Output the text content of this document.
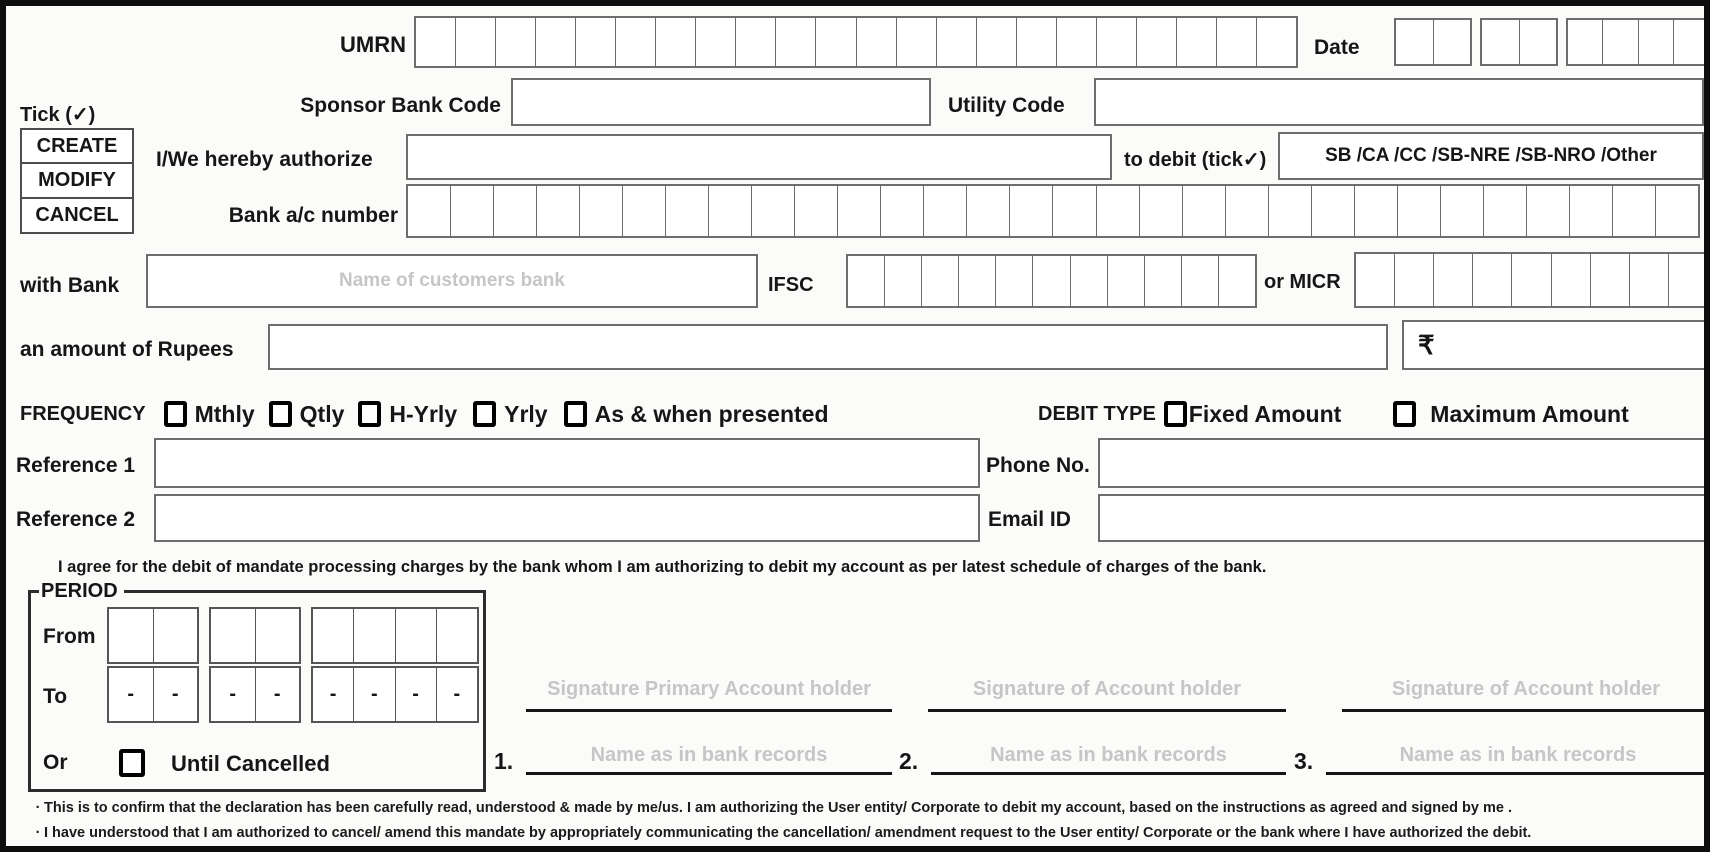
UMRN	Date
Sponsor Bank Code	Utility Code
Tick (✓)
CREATE
MODIFY
CANCEL
I/We hereby authorize	to debit (tick✓)	SB /CA /CC /SB-NRE /SB-NRO /Other
Bank a/c number
with Bank	Name of customers bank	IFSC	or MICR
an amount of Rupees	₹
FREQUENCY Mthly Qtly H-Yrly Yrly As & when presented	DEBIT TYPE Fixed Amount	Maximum Amount
Reference 1	Phone No.
Reference 2	Email ID
I agree for the debit of mandate processing charges by the bank whom I am authorizing to debit my account as per latest schedule of charges of the bank.
PERIOD
From
To	-	-	-	-	-	-	-	-
Or	Until Cancelled
Signature Primary Account holder	Signature of Account holder	Signature of Account holder
1.	Name as in bank records	2.	Name as in bank records	3.	Name as in bank records
· This is to confirm that the declaration has been carefully read, understood & made by me/us. I am authorizing the User entity/ Corporate to debit my account, based on the instructions as agreed and signed by me .
· I have understood that I am authorized to cancel/ amend this mandate by appropriately communicating the cancellation/ amendment request to the User entity/ Corporate or the bank where I have authorized the debit.
